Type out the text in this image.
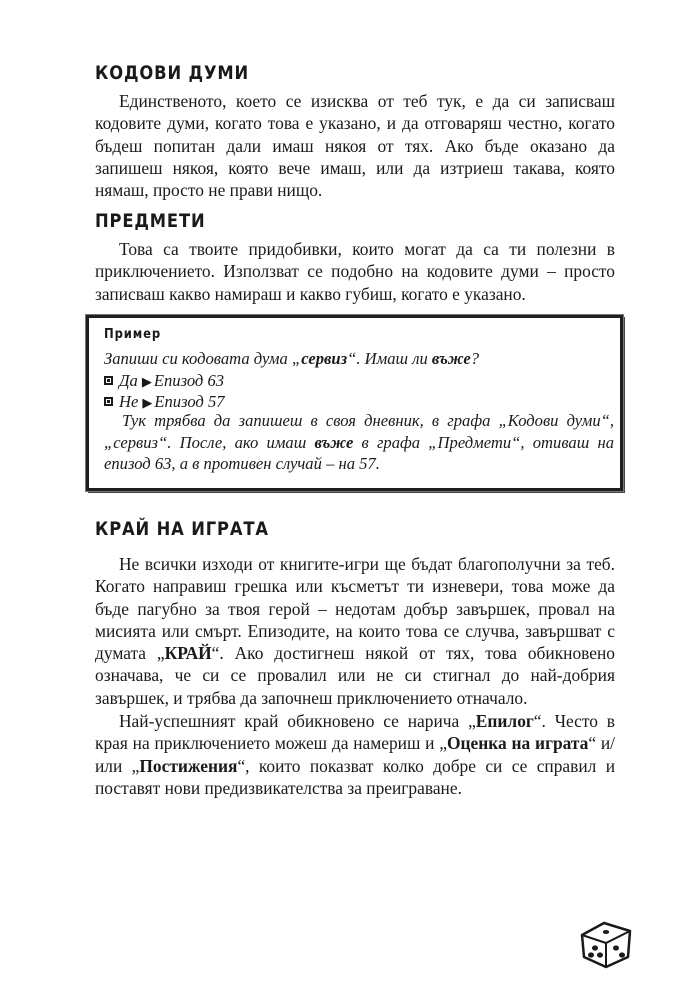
КОДОВИ ДУМИ

Единственото, което се изисква от теб тук, е да си записваш кодовите думи, когато това е указано, и да отговаряш честно, когато бъдеш попитан дали имаш някоя от тях. Ако бъде оказано да запишеш някоя, която вече имаш, или да изтриеш такава, която нямаш, просто не прави нищо.

ПРЕДМЕТИ

Това са твоите придобивки, които могат да са ти полезни в приключението. Използват се подобно на кодовите думи – просто записваш какво намираш и какво губиш, когато е указано.

Пример

Запиши си кодовата дума „сервиз“. Имаш ли въже?

Да ▶ Епизод 63

Не ▶ Епизод 57

Тук трябва да запишеш в своя дневник, в графа „Кодови думи“, „сервиз“. После, ако имаш въже в графа „Предмети“, отиваш на епизод 63, а в противен случай – на 57.

КРАЙ НА ИГРАТА

Не всички изходи от книгите-игри ще бъдат благополучни за теб. Когато направиш грешка или късметът ти изневери, това може да бъде пагубно за твоя герой – недотам добър завършек, провал на мисията или смърт. Епизодите, на които това се случва, завършват с думата „КРАЙ“. Ако достигнеш някой от тях, това обикновено означава, че си се провалил или не си стигнал до най-добрия завършек, и трябва да започнеш приключението отначало.

Най-успешният край обикновено се нарича „Епилог“. Често в края на приключението можеш да намериш и „Оценка на играта“ и/или „Постижения“, които показват колко добре си се справил и поставят нови предизвикателства за преиграване.
